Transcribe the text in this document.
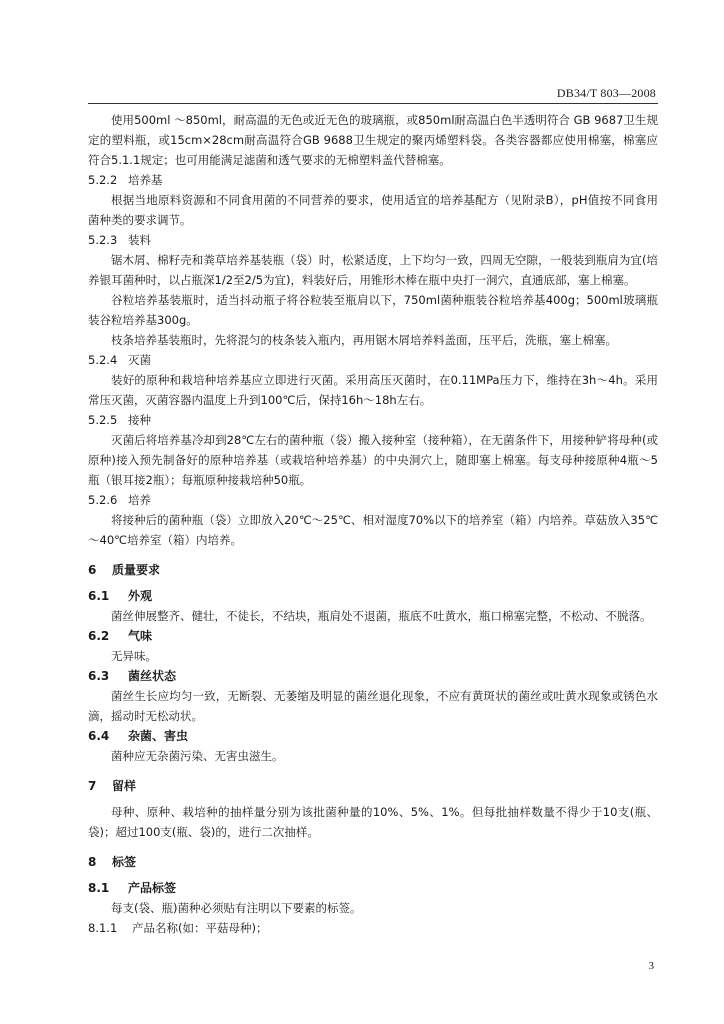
DB34/T 803—2008

使用500ml ～850ml，耐高温的无色或近无色的玻璃瓶，或850ml耐高温白色半透明符合 GB 9687卫生规定的塑料瓶，或15cm×28cm耐高温符合GB 9688卫生规定的聚丙烯塑料袋。各类容器都应使用棉塞，棉塞应符合5.1.1规定；也可用能满足滤菌和透气要求的无棉塑料盖代替棉塞。

5.2.2 培养基

根据当地原料资源和不同食用菌的不同营养的要求，使用适宜的培养基配方（见附录B），pH值按不同食用菌种类的要求调节。

5.2.3 装料

锯木屑、棉籽壳和粪草培养基装瓶（袋）时，松紧适度，上下均匀一致，四周无空隙，一般装到瓶肩为宜(培养银耳菌种时，以占瓶深1/2至2/5为宜)，料装好后，用锥形木棒在瓶中央打一洞穴，直通底部，塞上棉塞。

谷粒培养基装瓶时，适当抖动瓶子将谷粒装至瓶肩以下，750ml菌种瓶装谷粒培养基400g；500ml玻璃瓶装谷粒培养基300g。

枝条培养基装瓶时，先将混匀的枝条装入瓶内，再用锯木屑培养料盖面，压平后，洗瓶，塞上棉塞。

5.2.4 灭菌

装好的原种和栽培种培养基应立即进行灭菌。采用高压灭菌时，在0.11MPa压力下，维持在3h～4h。采用常压灭菌，灭菌容器内温度上升到100℃后，保持16h～18h左右。

5.2.5 接种

灭菌后将培养基冷却到28℃左右的菌种瓶（袋）搬入接种室（接种箱），在无菌条件下，用接种铲将母种(或原种)接入预先制备好的原种培养基（或栽培种培养基）的中央洞穴上，随即塞上棉塞。每支母种接原种4瓶～5瓶（银耳接2瓶）；每瓶原种接栽培种50瓶。

5.2.6 培养

将接种后的菌种瓶（袋）立即放入20℃～25℃、相对湿度70%以下的培养室（箱）内培养。草菇放入35℃～40℃培养室（箱）内培养。

6 质量要求
6.1 外观

菌丝伸展整齐、健壮，不徒长，不结块，瓶肩处不退菌，瓶底不吐黄水，瓶口棉塞完整，不松动、不脱落。

6.2 气味

无异味。

6.3 菌丝状态

菌丝生长应均匀一致，无断裂、无萎缩及明显的菌丝退化现象，不应有黄斑状的菌丝或吐黄水现象或锈色水滴，摇动时无松动状。

6.4 杂菌、害虫

菌种应无杂菌污染、无害虫滋生。

7 留样

母种、原种、栽培种的抽样量分别为该批菌种量的10%、5%、1%。但每批抽样数量不得少于10支(瓶、袋)；超过100支(瓶、袋)的，进行二次抽样。

8 标签
8.1 产品标签

每支(袋、瓶)菌种必须贴有注明以下要素的标签。

8.1.1 产品名称(如：平菇母种)；
3
